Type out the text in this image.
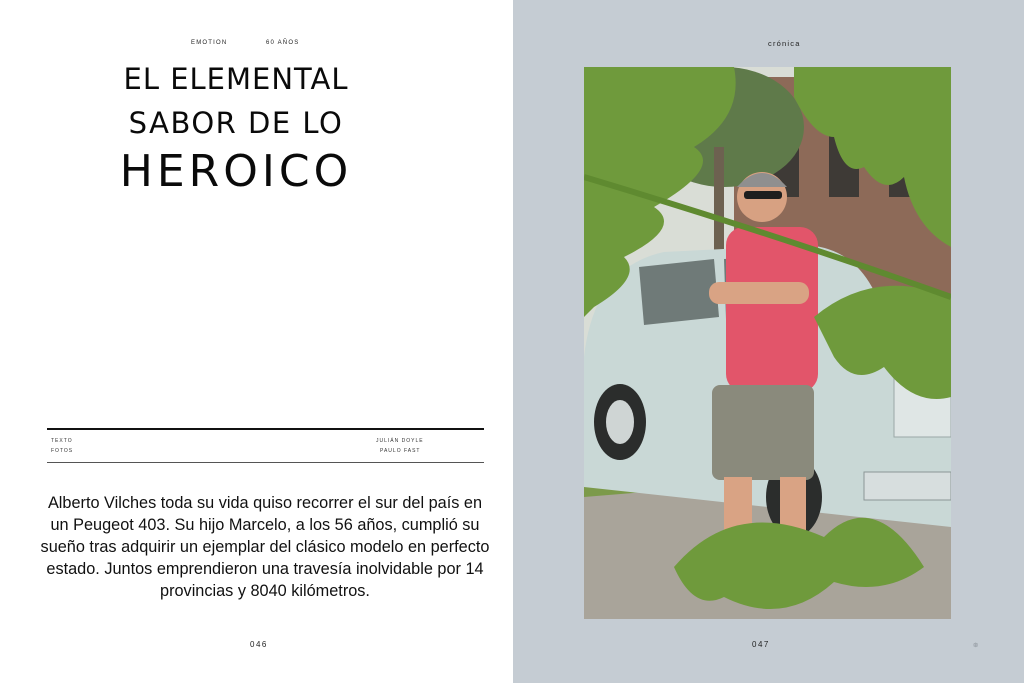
EMOTION	60 AÑOS
EL ELEMENTAL
SABOR DE LO
HEROICO
TEXTO
FOTOS
JULIÁN DOYLE
PAULO FAST
Alberto Vilches toda su vida quiso recorrer el sur del país en un Peugeot 403. Su hijo Marcelo, a los 56 años, cumplió su sueño tras adquirir un ejemplar del clásico modelo en perfecto estado. Juntos emprendieron una travesía inolvidable por 14 provincias y 8040 kilómetros.
046
crónica
047	᪥
